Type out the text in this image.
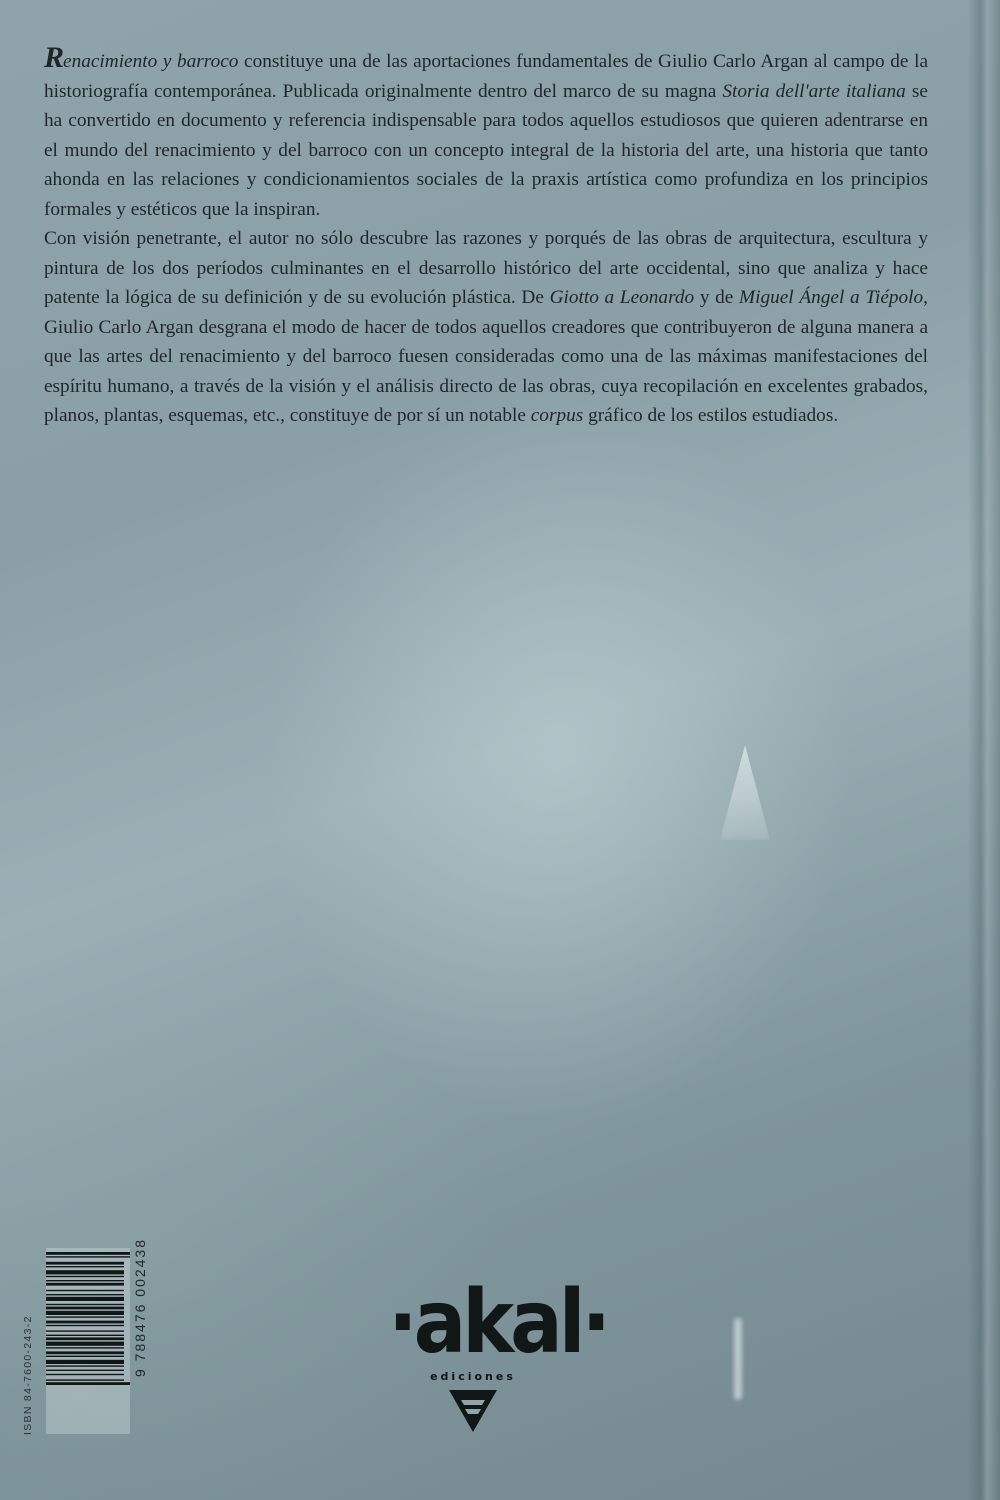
Renacimiento y barroco constituye una de las aportaciones fundamentales de Giulio Carlo Argan al campo de la historiografía contemporánea. Publicada originalmente dentro del marco de su magna Storia dell'arte italiana se ha convertido en documento y referencia indispensable para todos aquellos estudiosos que quieren adentrarse en el mundo del renacimiento y del barroco con un concepto integral de la historia del arte, una historia que tanto ahonda en las relaciones y condicionamientos sociales de la praxis artística como profundiza en los principios formales y estéticos que la inspiran.

Con visión penetrante, el autor no sólo descubre las razones y porqués de las obras de arquitectura, escultura y pintura de los dos períodos culminantes en el desarrollo histórico del arte occidental, sino que analiza y hace patente la lógica de su definición y de su evolución plástica. De Giotto a Leonardo y de Miguel Ángel a Tiépolo, Giulio Carlo Argan desgrana el modo de hacer de todos aquellos creadores que contribuyeron de alguna manera a que las artes del renacimiento y del barroco fuesen consideradas como una de las máximas manifestaciones del espíritu humano, a través de la visión y el análisis directo de las obras, cuya recopilación en excelentes grabados, planos, plantas, esquemas, etc., constituye de por sí un notable corpus gráfico de los estilos estudiados.

ISBN 84-7600-243-2	9 788476 002438	·akal·
ediciones
